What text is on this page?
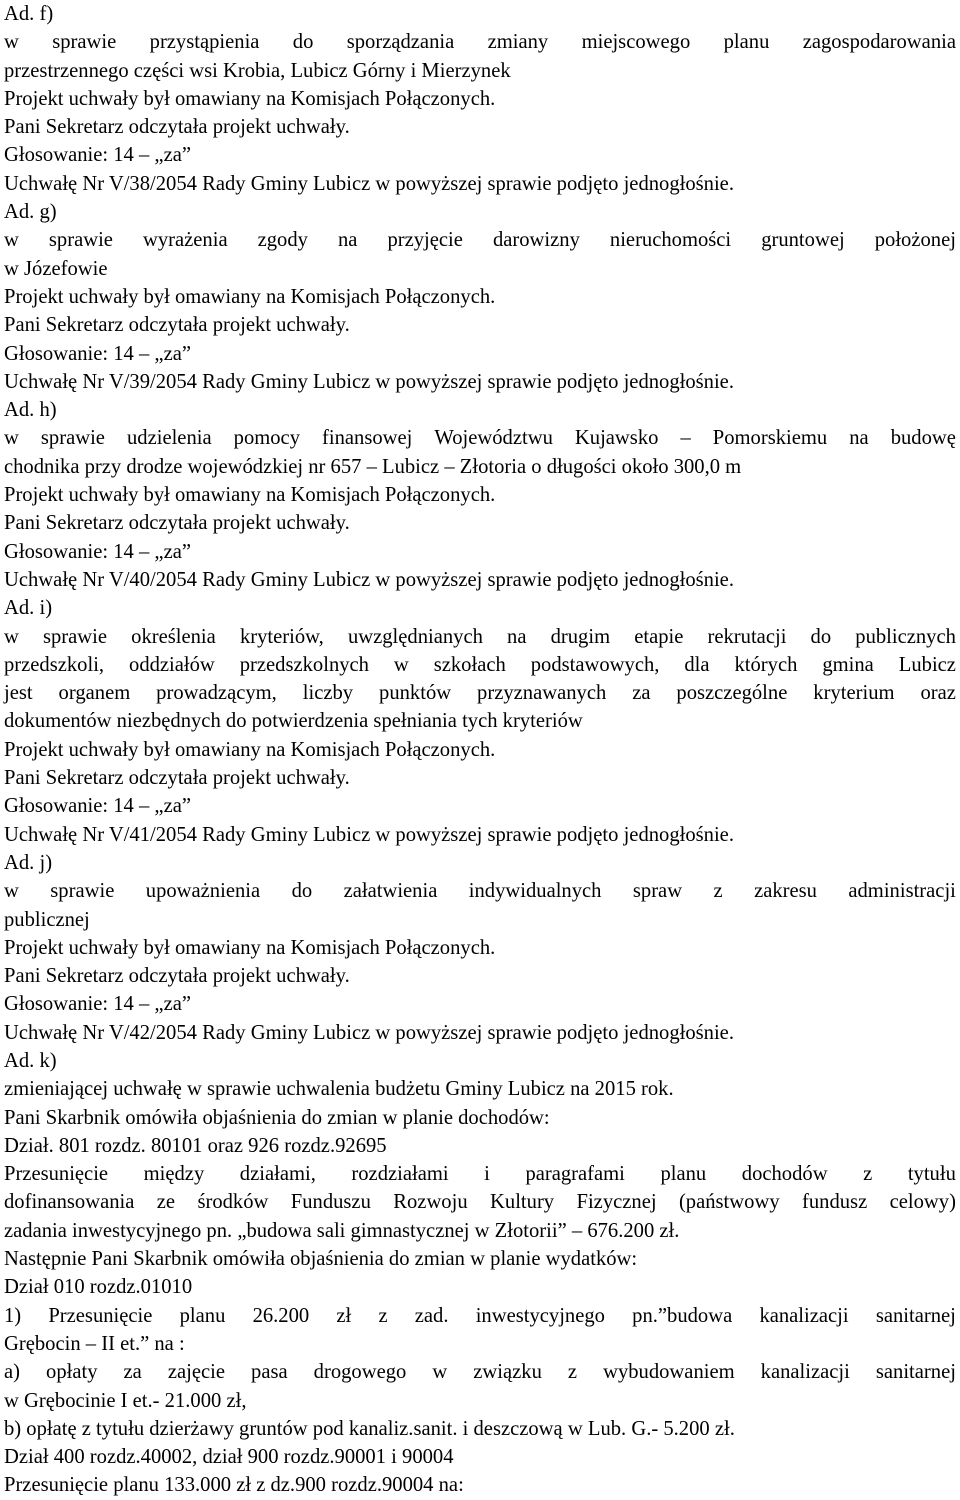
Ad. f)
w sprawie przystąpienia do sporządzania zmiany miejscowego planu zagospodarowania
przestrzennego części wsi Krobia, Lubicz Górny i Mierzynek
Projekt uchwały był omawiany na Komisjach Połączonych.
Pani Sekretarz odczytała projekt uchwały.
Głosowanie: 14 – „za”
Uchwałę Nr V/38/2054 Rady Gminy Lubicz w powyższej sprawie podjęto jednogłośnie.
Ad. g)
w sprawie wyrażenia zgody na przyjęcie darowizny nieruchomości gruntowej położonej
w Józefowie
Projekt uchwały był omawiany na Komisjach Połączonych.
Pani Sekretarz odczytała projekt uchwały.
Głosowanie: 14 – „za”
Uchwałę Nr V/39/2054 Rady Gminy Lubicz w powyższej sprawie podjęto jednogłośnie.
Ad. h)
w sprawie udzielenia pomocy finansowej Województwu Kujawsko – Pomorskiemu na budowę
chodnika przy drodze wojewódzkiej nr 657 – Lubicz – Złotoria o długości około 300,0 m
Projekt uchwały był omawiany na Komisjach Połączonych.
Pani Sekretarz odczytała projekt uchwały.
Głosowanie: 14 – „za”
Uchwałę Nr V/40/2054 Rady Gminy Lubicz w powyższej sprawie podjęto jednogłośnie.
Ad. i)
w sprawie określenia kryteriów, uwzględnianych na drugim etapie rekrutacji do publicznych
przedszkoli, oddziałów przedszkolnych w szkołach podstawowych, dla których gmina Lubicz
jest organem prowadzącym, liczby punktów przyznawanych za poszczególne kryterium oraz
dokumentów niezbędnych do potwierdzenia spełniania tych kryteriów
Projekt uchwały był omawiany na Komisjach Połączonych.
Pani Sekretarz odczytała projekt uchwały.
Głosowanie: 14 – „za”
Uchwałę Nr V/41/2054 Rady Gminy Lubicz w powyższej sprawie podjęto jednogłośnie.
Ad. j)
w sprawie upoważnienia do załatwienia indywidualnych spraw z zakresu administracji
publicznej
Projekt uchwały był omawiany na Komisjach Połączonych.
Pani Sekretarz odczytała projekt uchwały.
Głosowanie: 14 – „za”
Uchwałę Nr V/42/2054 Rady Gminy Lubicz w powyższej sprawie podjęto jednogłośnie.
Ad. k)
zmieniającej uchwałę w sprawie uchwalenia budżetu Gminy Lubicz na 2015 rok.
Pani Skarbnik omówiła objaśnienia do zmian w planie dochodów:
Dział. 801 rozdz. 80101 oraz 926 rozdz.92695
Przesunięcie między działami, rozdziałami i paragrafami planu dochodów z tytułu
dofinansowania ze środków Funduszu Rozwoju Kultury Fizycznej (państwowy fundusz celowy)
zadania inwestycyjnego pn. „budowa sali gimnastycznej w Złotorii” – 676.200 zł.
Następnie Pani Skarbnik omówiła objaśnienia do zmian w planie wydatków:
Dział 010 rozdz.01010
1) Przesunięcie planu 26.200 zł z zad. inwestycyjnego pn.”budowa kanalizacji sanitarnej
Grębocin – II et.” na :
a) opłaty za zajęcie pasa drogowego w związku z wybudowaniem kanalizacji sanitarnej
w Grębocinie I et.- 21.000 zł,
b) opłatę z tytułu dzierżawy gruntów pod kanaliz.sanit. i deszczową w Lub. G.- 5.200 zł.
Dział 400 rozdz.40002, dział 900 rozdz.90001 i 90004
Przesunięcie planu 133.000 zł z dz.900 rozdz.90004 na:
